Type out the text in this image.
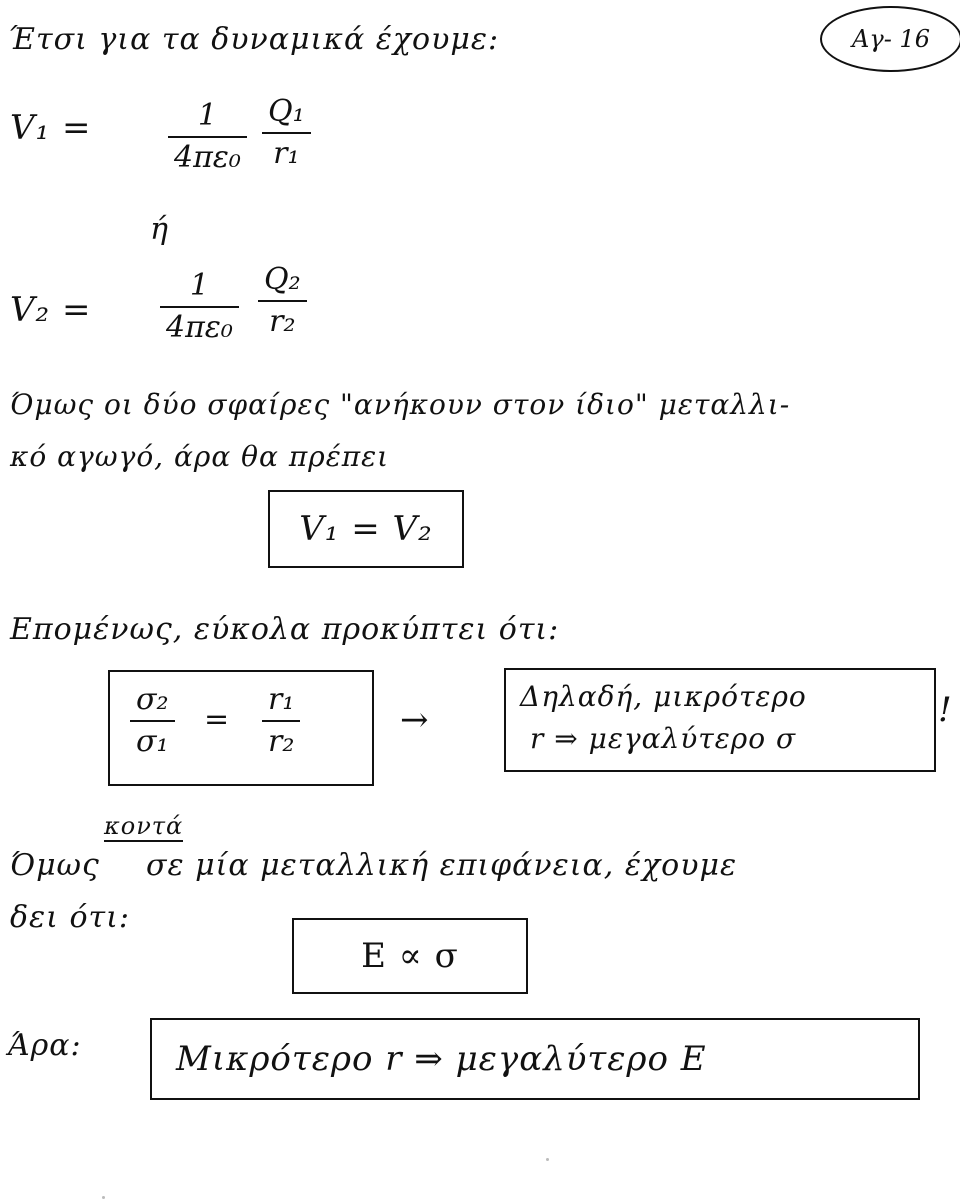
Αγ- 16
Έτσι για τα δυναμικά έχουμε:
V₁ =	1
4πε₀
Q₁
r₁
ή
V₂ =
1
4πε₀
Q₂
r₂
Όμως οι δύο σφαίρες "ανήκουν στον ίδιο" μεταλλι-
κό αγωγό, άρα θα πρέπει
V₁ = V₂
Επομένως, εύκολα προκύπτει ότι:
σ₂
σ₁
=
r₁
r₂
→
Δηλαδή, μικρότερο
r ⇒ μεγαλύτερο σ
!
Όμως
κοντά
σε μία μεταλλική επιφάνεια, έχουμε
δει ότι:
E ∝ σ
Άρα:	Μικρότερο r ⇒ μεγαλύτερο E
